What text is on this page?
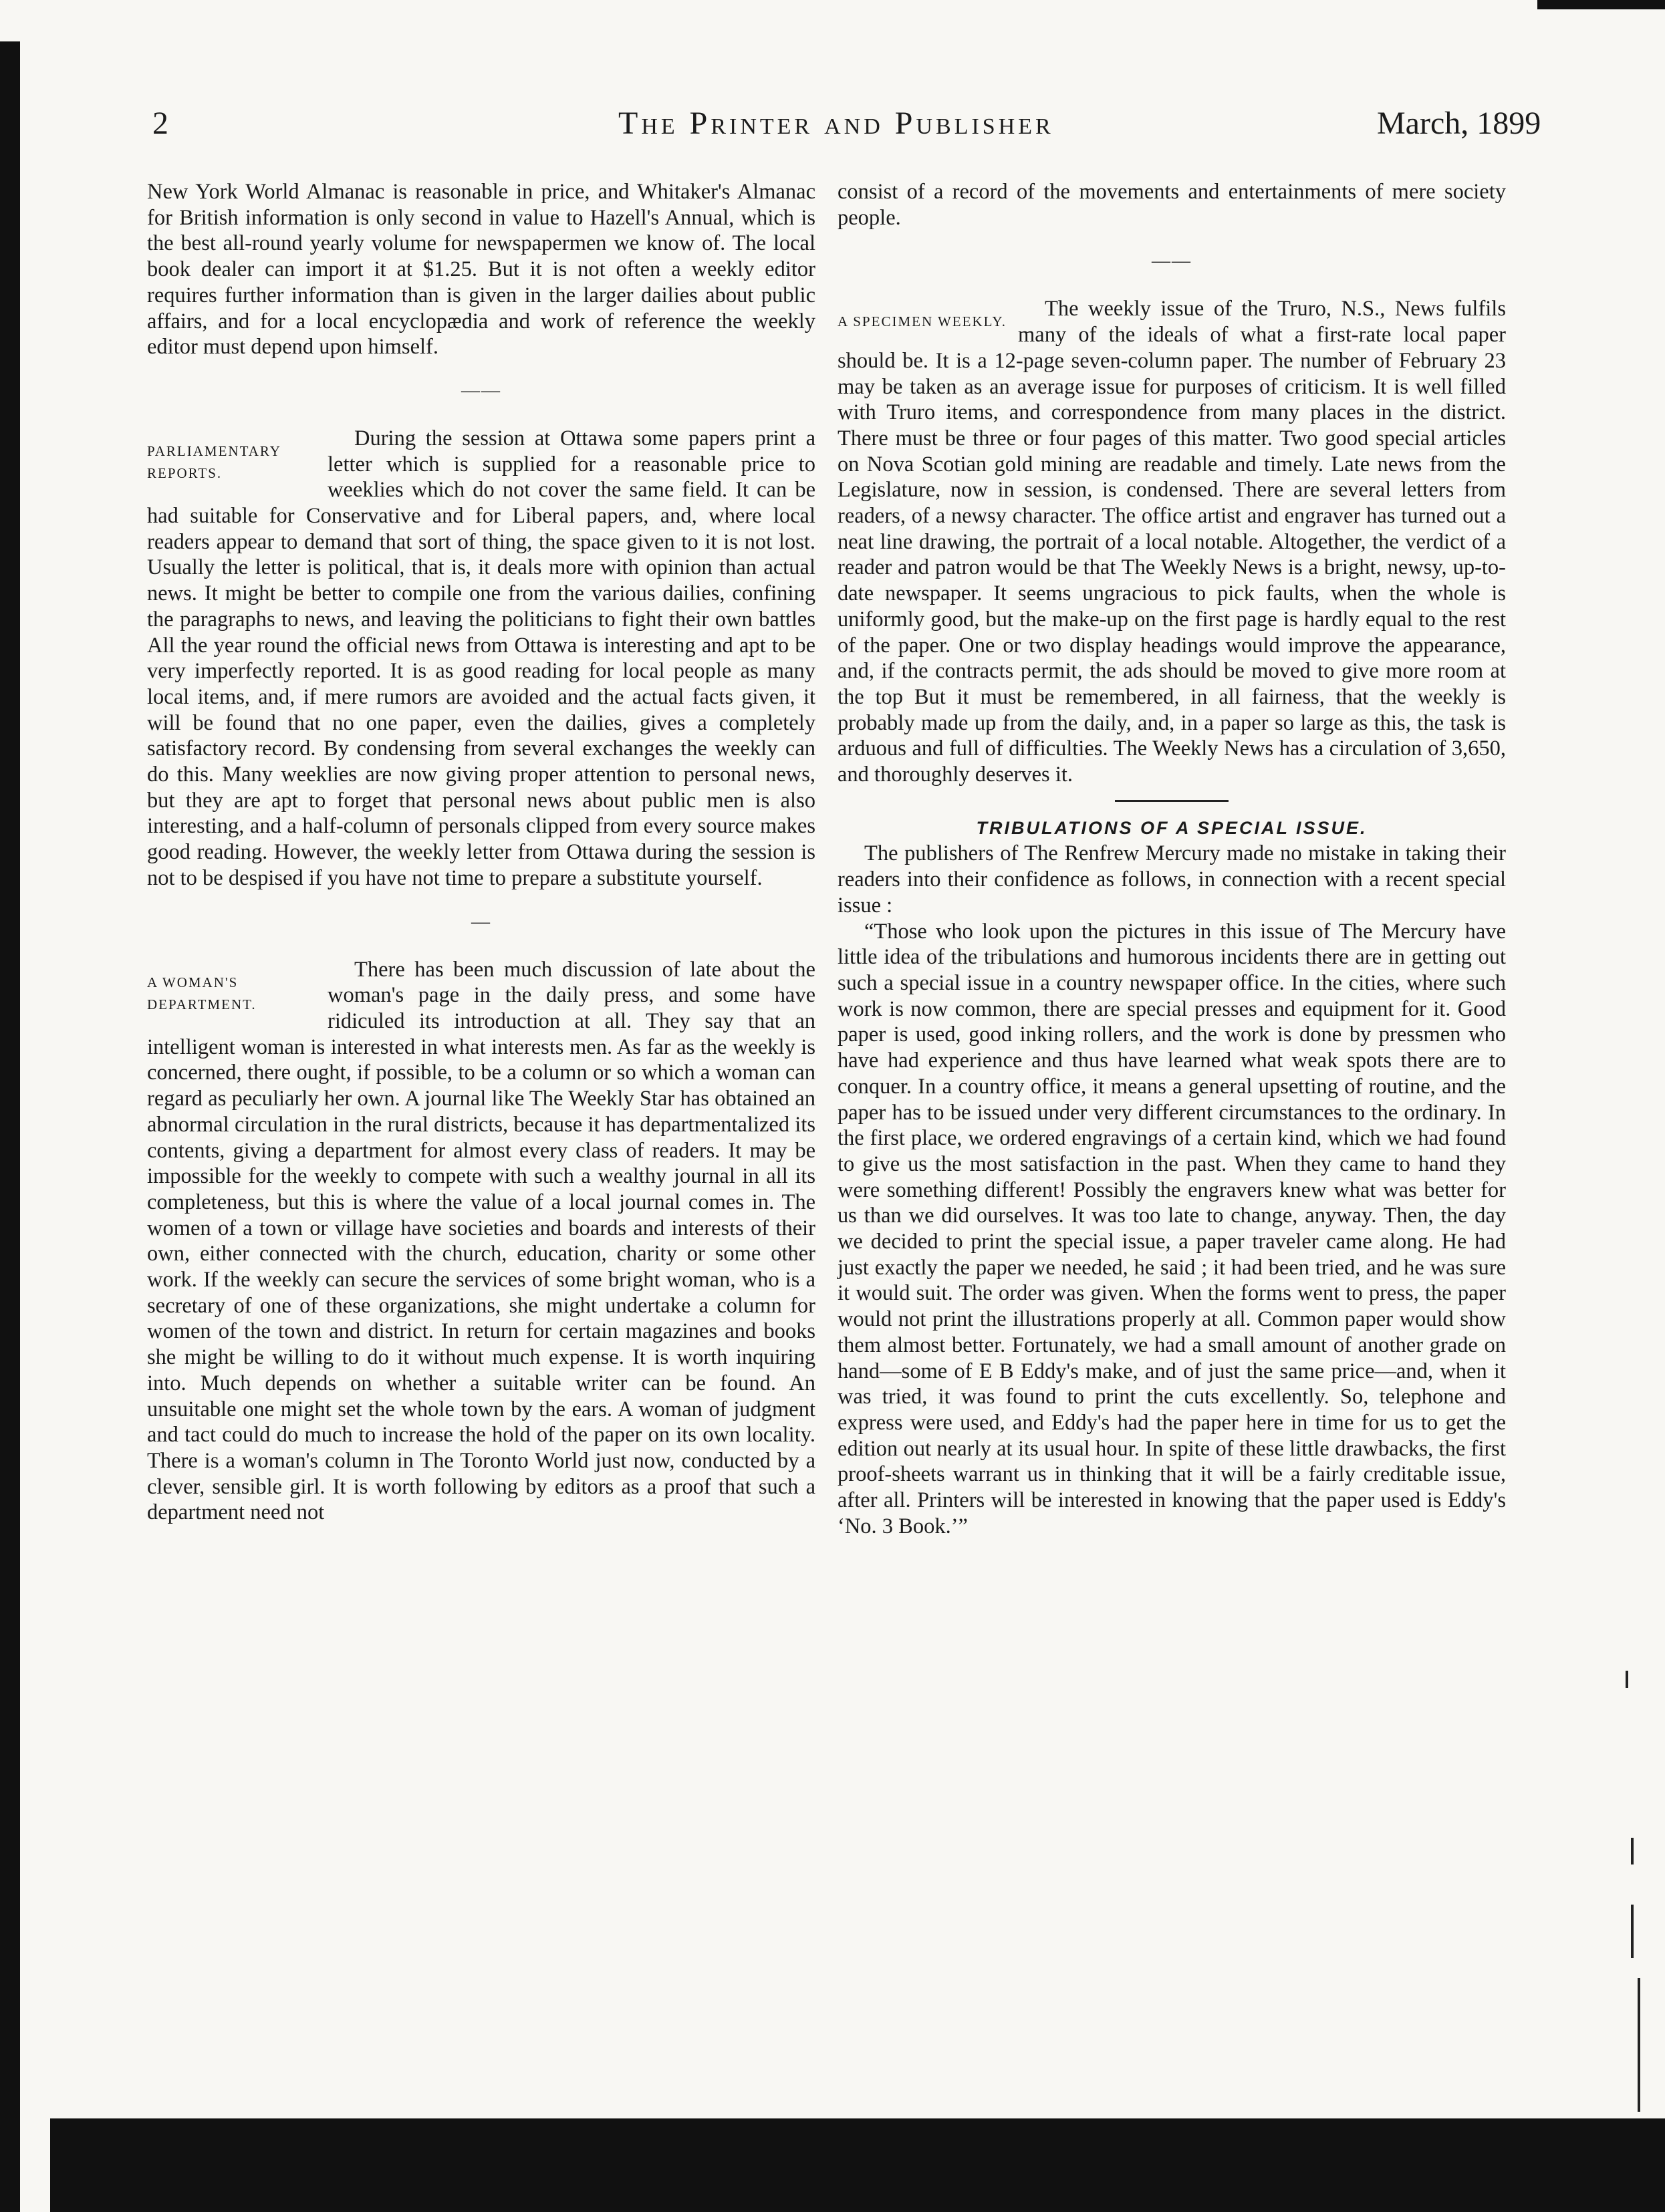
2	The Printer and Publisher	March, 1899

New York World Almanac is reasonable in price, and Whitaker's Almanac for British information is only second in value to Hazell's Annual, which is the best all-round yearly volume for newspapermen we know of. The local book dealer can import it at $1.25. But it is not often a weekly editor requires further information than is given in the larger dailies about public affairs, and for a local encyclopædia and work of reference the weekly editor must depend upon himself.

——

PARLIAMENTARY REPORTS.
During the session at Ottawa some papers print a letter which is supplied for a reasonable price to weeklies which do not cover the same field. It can be had suitable for Conservative and for Liberal papers, and, where local readers appear to demand that sort of thing, the space given to it is not lost. Usually the letter is political, that is, it deals more with opinion than actual news. It might be better to compile one from the various dailies, confining the paragraphs to news, and leaving the politicians to fight their own battles All the year round the official news from Ottawa is interesting and apt to be very imperfectly reported. It is as good reading for local people as many local items, and, if mere rumors are avoided and the actual facts given, it will be found that no one paper, even the dailies, gives a completely satisfactory record. By condensing from several exchanges the weekly can do this. Many weeklies are now giving proper attention to personal news, but they are apt to forget that personal news about public men is also interesting, and a half-column of personals clipped from every source makes good reading. However, the weekly letter from Ottawa during the session is not to be despised if you have not time to prepare a substitute yourself.

—

A WOMAN'S DEPARTMENT.
There has been much discussion of late about the woman's page in the daily press, and some have ridiculed its introduction at all. They say that an intelligent woman is interested in what interests men. As far as the weekly is concerned, there ought, if possible, to be a column or so which a woman can regard as peculiarly her own. A journal like The Weekly Star has obtained an abnormal circulation in the rural districts, because it has departmentalized its contents, giving a department for almost every class of readers. It may be impossible for the weekly to compete with such a wealthy journal in all its completeness, but this is where the value of a local journal comes in. The women of a town or village have societies and boards and interests of their own, either connected with the church, education, charity or some other work. If the weekly can secure the services of some bright woman, who is a secretary of one of these organizations, she might undertake a column for women of the town and district. In return for certain magazines and books she might be willing to do it without much expense. It is worth inquiring into. Much depends on whether a suitable writer can be found. An unsuitable one might set the whole town by the ears. A woman of judgment and tact could do much to increase the hold of the paper on its own locality. There is a woman's column in The Toronto World just now, conducted by a clever, sensible girl. It is worth following by editors as a proof that such a department need not

consist of a record of the movements and entertainments of mere society people.

——

A SPECIMEN WEEKLY.
The weekly issue of the Truro, N.S., News fulfils many of the ideals of what a first-rate local paper should be. It is a 12-page seven-column paper. The number of February 23 may be taken as an average issue for purposes of criticism. It is well filled with Truro items, and correspondence from many places in the district. There must be three or four pages of this matter. Two good special articles on Nova Scotian gold mining are readable and timely. Late news from the Legislature, now in session, is condensed. There are several letters from readers, of a newsy character. The office artist and engraver has turned out a neat line drawing, the portrait of a local notable. Altogether, the verdict of a reader and patron would be that The Weekly News is a bright, newsy, up-to-date newspaper. It seems ungracious to pick faults, when the whole is uniformly good, but the make-up on the first page is hardly equal to the rest of the paper. One or two display headings would improve the appearance, and, if the contracts permit, the ads should be moved to give more room at the top But it must be remembered, in all fairness, that the weekly is probably made up from the daily, and, in a paper so large as this, the task is arduous and full of difficulties. The Weekly News has a circulation of 3,650, and thoroughly deserves it.

TRIBULATIONS OF A SPECIAL ISSUE.

The publishers of The Renfrew Mercury made no mistake in taking their readers into their confidence as follows, in connection with a recent special issue :

“Those who look upon the pictures in this issue of The Mercury have little idea of the tribulations and humorous incidents there are in getting out such a special issue in a country newspaper office. In the cities, where such work is now common, there are special presses and equipment for it. Good paper is used, good inking rollers, and the work is done by pressmen who have had experience and thus have learned what weak spots there are to conquer. In a country office, it means a general upsetting of routine, and the paper has to be issued under very different circumstances to the ordinary. In the first place, we ordered engravings of a certain kind, which we had found to give us the most satisfaction in the past. When they came to hand they were something different! Possibly the engravers knew what was better for us than we did ourselves. It was too late to change, anyway. Then, the day we decided to print the special issue, a paper traveler came along. He had just exactly the paper we needed, he said ; it had been tried, and he was sure it would suit. The order was given. When the forms went to press, the paper would not print the illustrations properly at all. Common paper would show them almost better. Fortunately, we had a small amount of another grade on hand—some of E B Eddy's make, and of just the same price—and, when it was tried, it was found to print the cuts excellently. So, telephone and express were used, and Eddy's had the paper here in time for us to get the edition out nearly at its usual hour. In spite of these little drawbacks, the first proof-sheets warrant us in thinking that it will be a fairly creditable issue, after all. Printers will be interested in knowing that the paper used is Eddy's ‘No. 3 Book.’”
